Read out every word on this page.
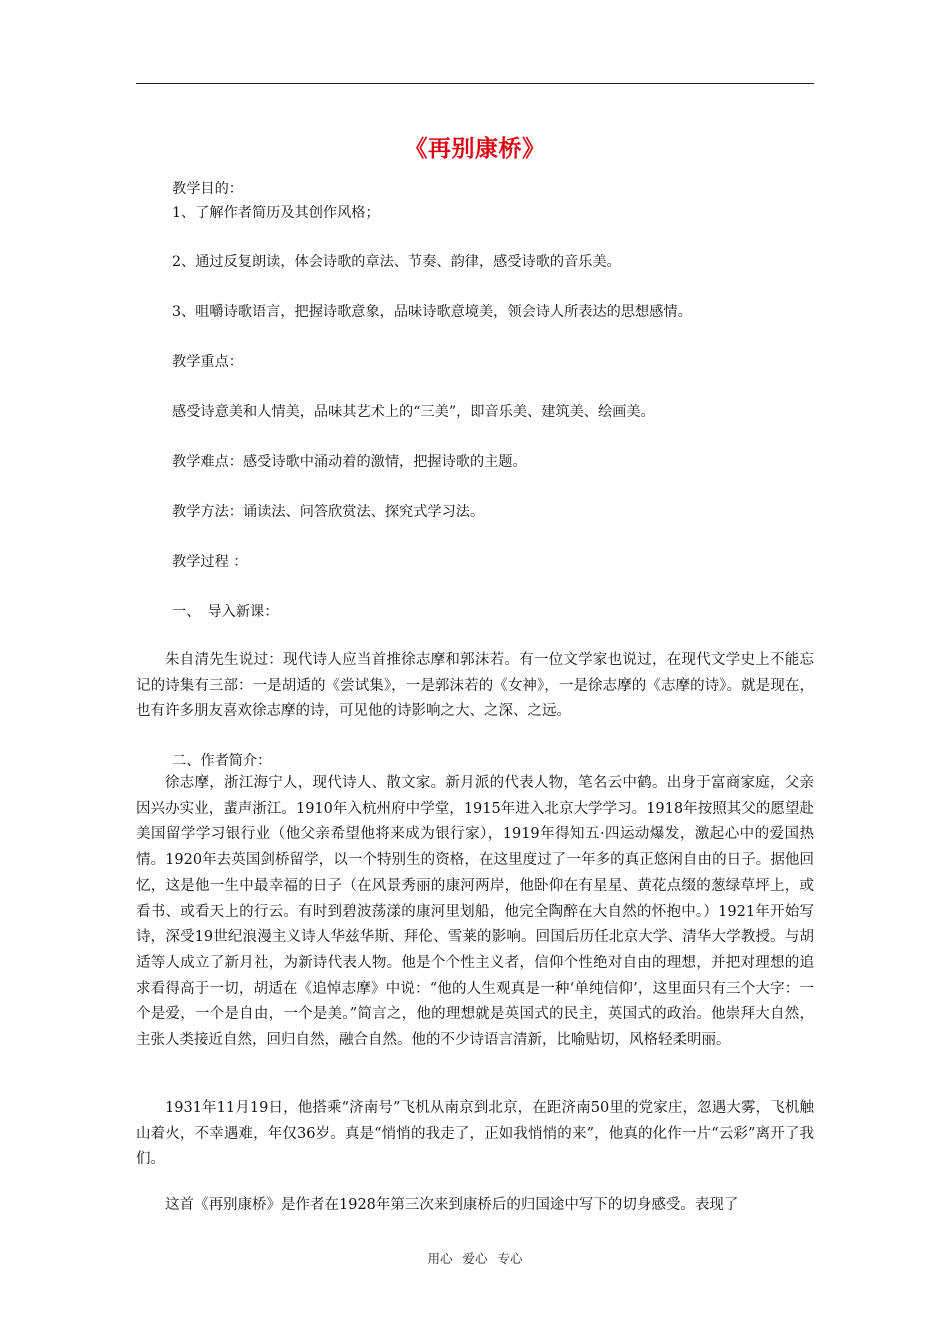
《再别康桥》
教学目的：
1、了解作者简历及其创作风格；
2、通过反复朗读，体会诗歌的章法、节奏、韵律，感受诗歌的音乐美。
3、咀嚼诗歌语言，把握诗歌意象，品味诗歌意境美，领会诗人所表达的思想感情。
教学重点：
感受诗意美和人情美，品味其艺术上的“三美”，即音乐美、建筑美、绘画美。
教学难点：感受诗歌中涌动着的激情，把握诗歌的主题。
教学方法：诵读法、问答欣赏法、探究式学习法。
教学过程 ：
一、　导入新课：

朱自清先生说过：现代诗人应当首推徐志摩和郭沫若。有一位文学家也说过，在现代文学史上不能忘记的诗集有三部：一是胡适的《尝试集》，一是郭沫若的《女神》，一是徐志摩的《志摩的诗》。就是现在，也有许多朋友喜欢徐志摩的诗，可见他的诗影响之大、之深、之远。

二、作者简介：

徐志摩，浙江海宁人，现代诗人、散文家。新月派的代表人物，笔名云中鹤。出身于富商家庭，父亲因兴办实业，蜚声浙江。1910年入杭州府中学堂，1915年进入北京大学学习。1918年按照其父的愿望赴美国留学学习银行业（他父亲希望他将来成为银行家），1919年得知五·四运动爆发，激起心中的爱国热情。1920年去英国剑桥留学，以一个特别生的资格，在这里度过了一年多的真正悠闲自由的日子。据他回忆，这是他一生中最幸福的日子（在风景秀丽的康河两岸，他卧仰在有星星、黄花点缀的葱绿草坪上，或看书、或看天上的行云。有时到碧波荡漾的康河里划船，他完全陶醉在大自然的怀抱中。）1921年开始写诗，深受19世纪浪漫主义诗人华兹华斯、拜伦、雪莱的影响。回国后历任北京大学、清华大学教授。与胡适等人成立了新月社，为新诗代表人物。他是个个性主义者，信仰个性绝对自由的理想，并把对理想的追求看得高于一切，胡适在《追悼志摩》中说：“他的人生观真是一种‘单纯信仰’，这里面只有三个大字：一个是爱，一个是自由，一个是美。”简言之，他的理想就是英国式的民主，英国式的政治。他崇拜大自然，主张人类接近自然，回归自然，融合自然。他的不少诗语言清新，比喻贴切，风格轻柔明丽。

1931年11月19日，他搭乘“济南号”飞机从南京到北京，在距济南50里的党家庄，忽遇大雾，飞机触山着火，不幸遇难，年仅36岁。真是“悄悄的我走了，正如我悄悄的来”，他真的化作一片“云彩”离开了我们。

这首《再别康桥》是作者在1928年第三次来到康桥后的归国途中写下的切身感受。表现了

用心 爱心 专心
